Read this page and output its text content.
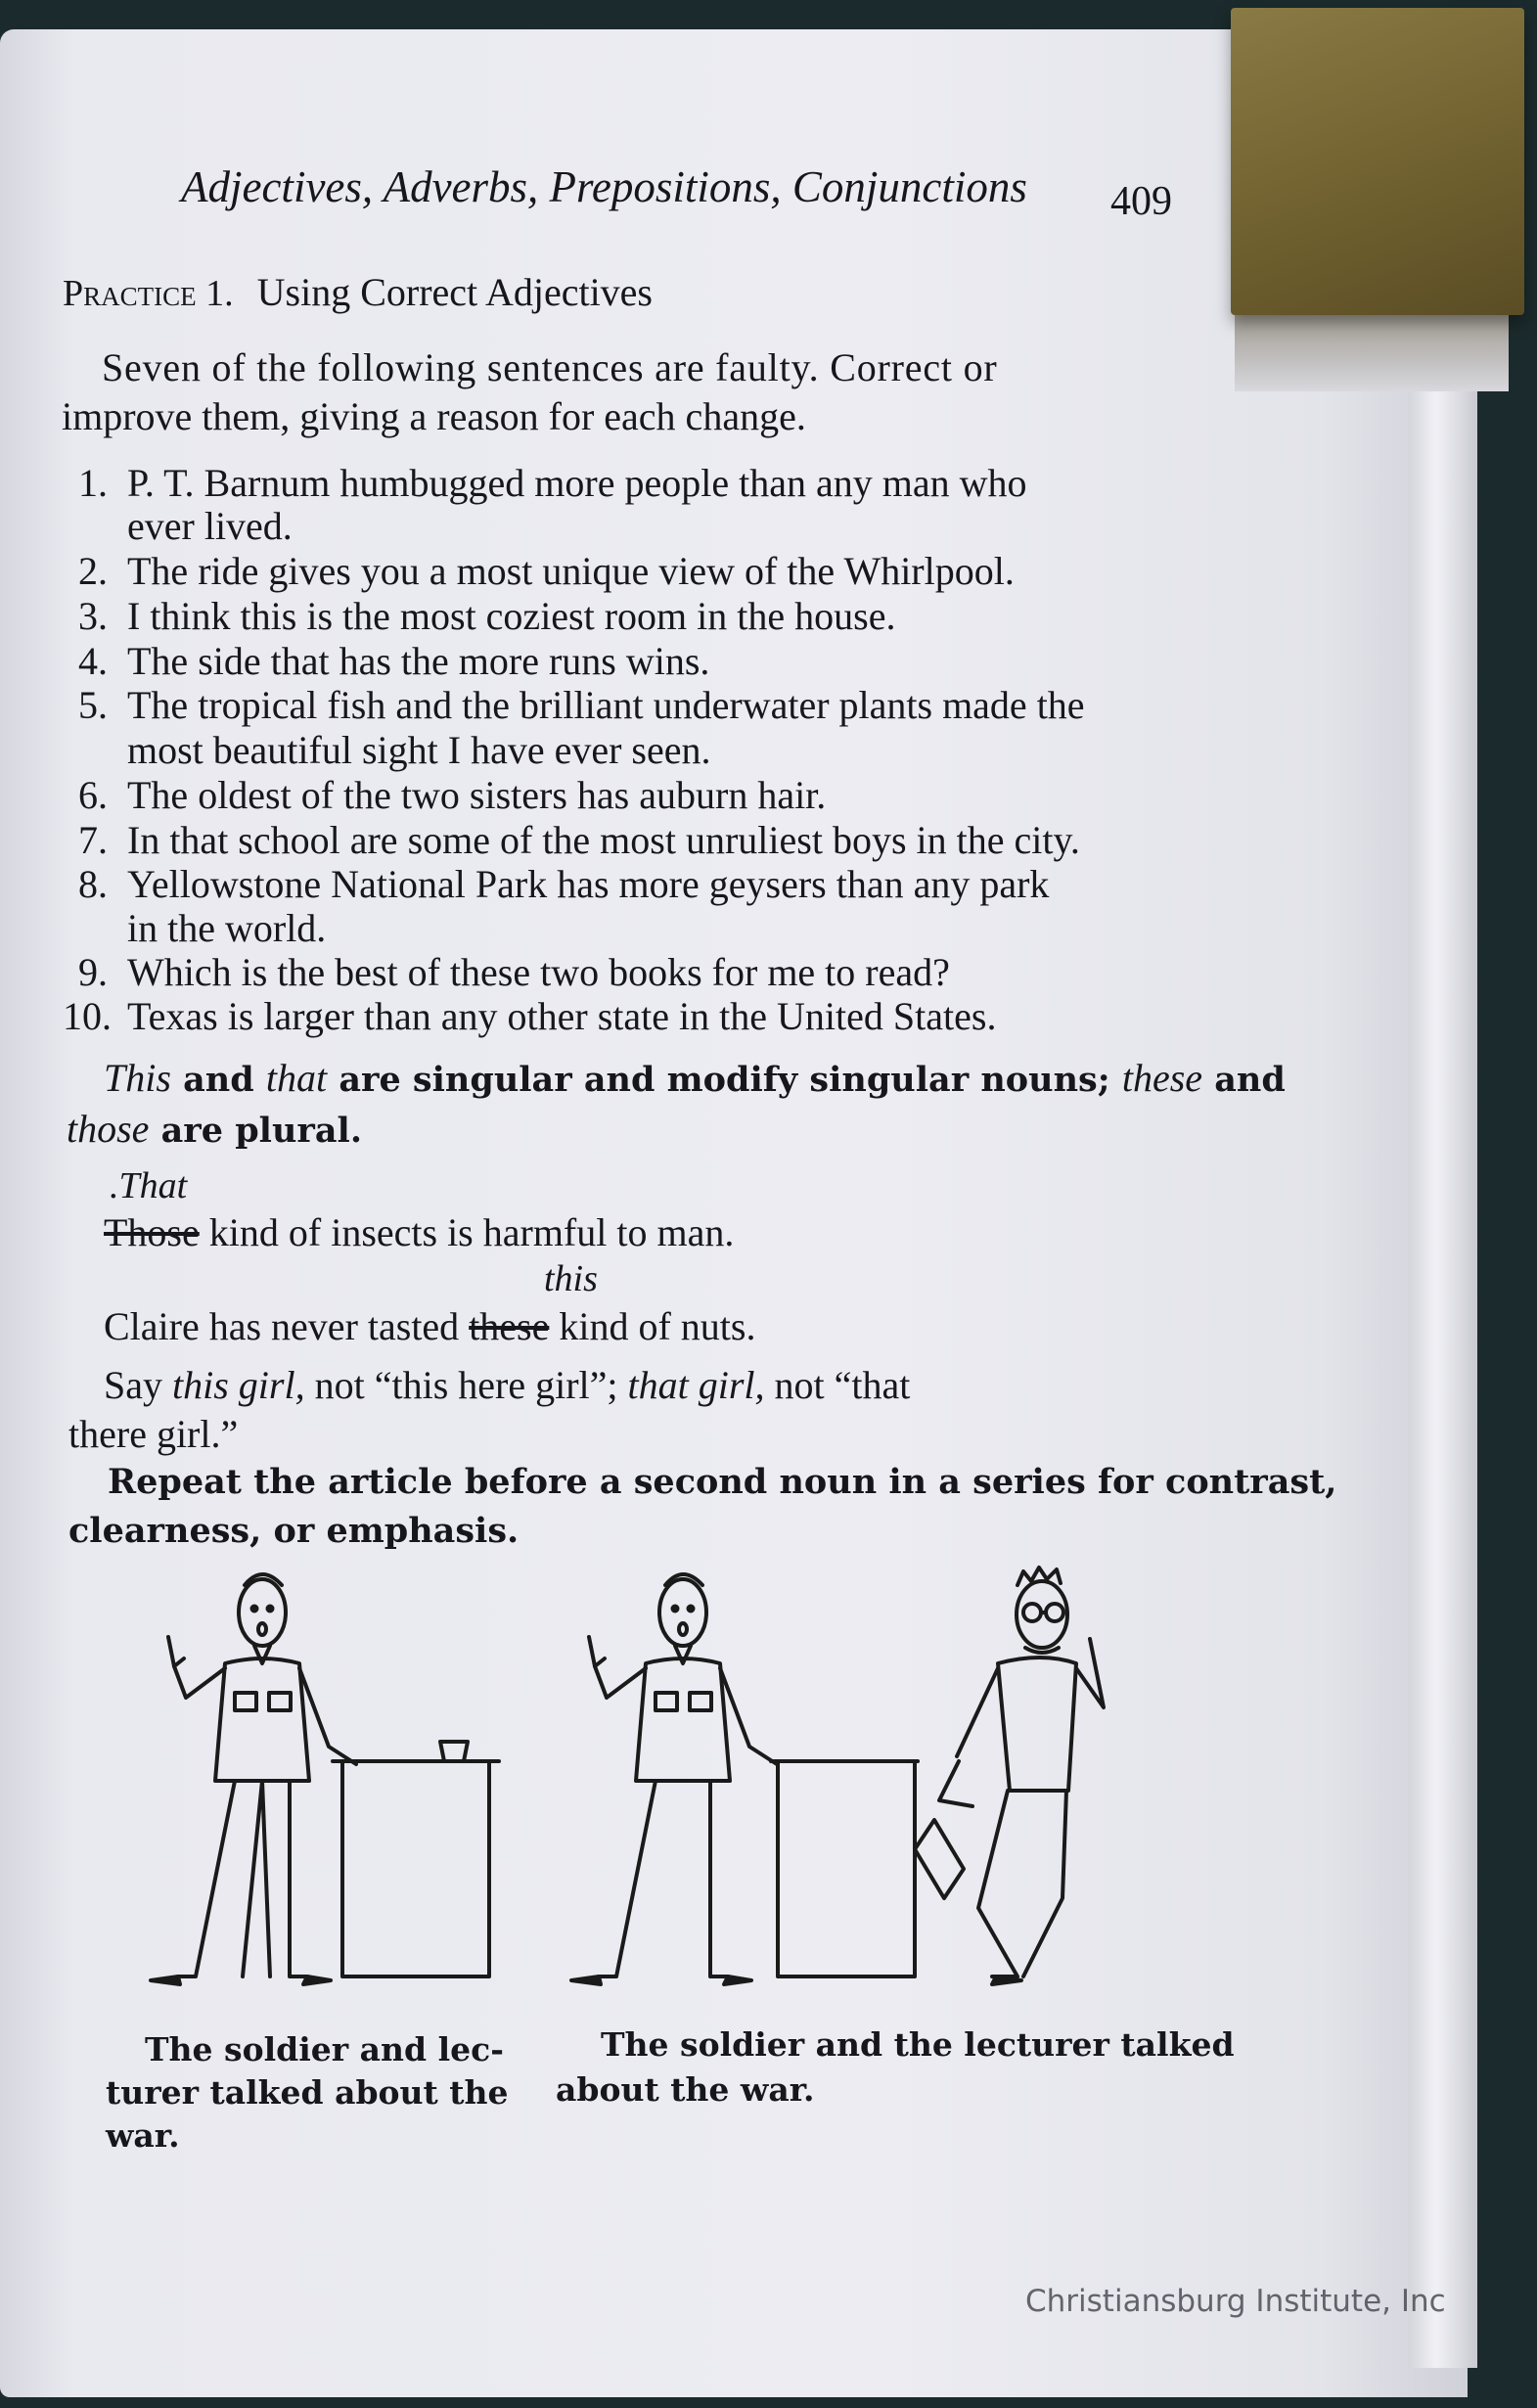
Adjectives, Adverbs, Prepositions, Conjunctions 409
Practice 1. Using Correct Adjectives
Seven of the following sentences are faulty. Correct or
improve them, giving a reason for each change.
1. P. T. Barnum humbugged more people than any man who
ever lived.
2. The ride gives you a most unique view of the Whirlpool.
3. I think this is the most coziest room in the house.
4. The side that has the more runs wins.
5. The tropical fish and the brilliant underwater plants made the
most beautiful sight I have ever seen.
6. The oldest of the two sisters has auburn hair.
7. In that school are some of the most unruliest boys in the city.
8. Yellowstone National Park has more geysers than any park
in the world.
9. Which is the best of these two books for me to read?
10. Texas is larger than any other state in the United States.
This and that are singular and modify singular nouns; these and
those are plural.
.That
Those kind of insects is harmful to man.
this
Claire has never tasted these kind of nuts.
Say this girl, not “this here girl”; that girl, not “that
there girl.”
Repeat the article before a second noun in a series for contrast,
clearness, or emphasis.
The soldier and lec-
turer talked about the
war.
The soldier and the lecturer talked
about the war.
Christiansburg Institute, Inc
